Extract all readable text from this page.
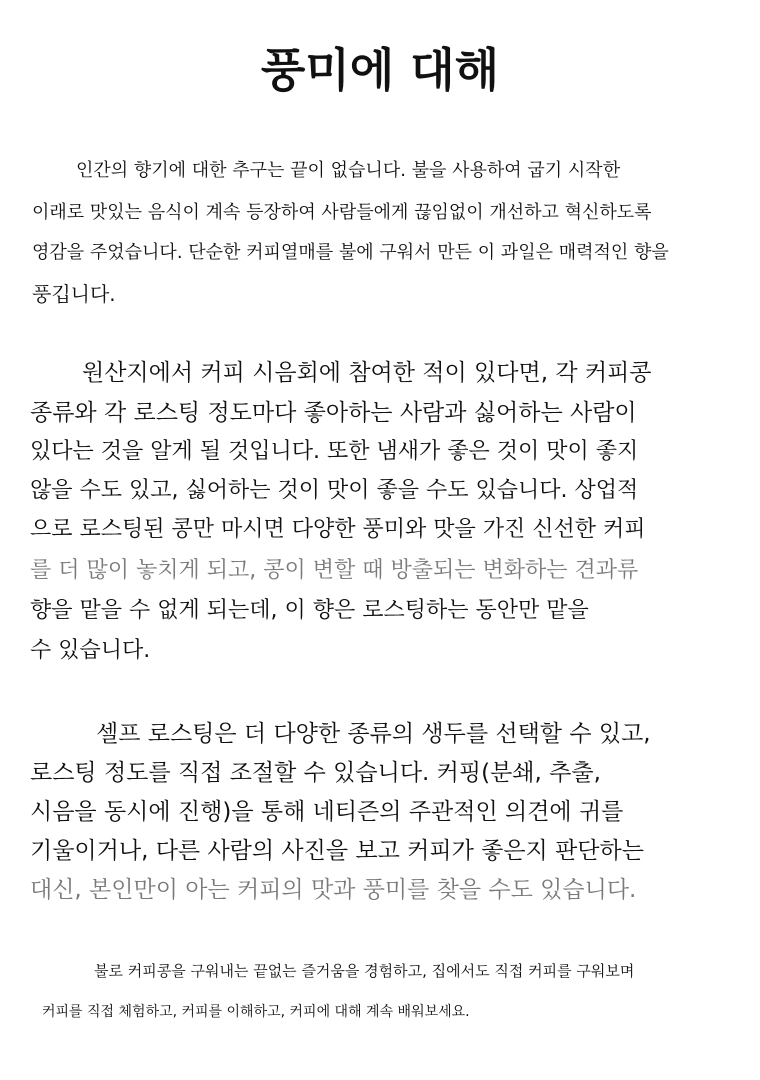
풍미에 대해

인간의 향기에 대한 추구는 끝이 없습니다. 불을 사용하여 굽기 시작한

이래로 맛있는 음식이 계속 등장하여 사람들에게 끊임없이 개선하고 혁신하도록

영감을 주었습니다. 단순한 커피열매를 불에 구워서 만든 이 과일은 매력적인 향을

풍깁니다.

원산지에서 커피 시음회에 참여한 적이 있다면, 각 커피콩

종류와 각 로스팅 정도마다 좋아하는 사람과 싫어하는 사람이

있다는 것을 알게 될 것입니다. 또한 냄새가 좋은 것이 맛이 좋지

않을 수도 있고, 싫어하는 것이 맛이 좋을 수도 있습니다. 상업적

으로 로스팅된 콩만 마시면 다양한 풍미와 맛을 가진 신선한 커피

를 더 많이 놓치게 되고, 콩이 변할 때 방출되는 변화하는 견과류

향을 맡을 수 없게 되는데, 이 향은 로스팅하는 동안만 맡을

수 있습니다.

셀프 로스팅은 더 다양한 종류의 생두를 선택할 수 있고,

로스팅 정도를 직접 조절할 수 있습니다. 커핑(분쇄, 추출,

시음을 동시에 진행)을 통해 네티즌의 주관적인 의견에 귀를

기울이거나, 다른 사람의 사진을 보고 커피가 좋은지 판단하는

대신, 본인만이 아는 커피의 맛과 풍미를 찾을 수도 있습니다.

불로 커피콩을 구워내는 끝없는 즐거움을 경험하고, 집에서도 직접 커피를 구워보며

커피를 직접 체험하고, 커피를 이해하고, 커피에 대해 계속 배워보세요.
